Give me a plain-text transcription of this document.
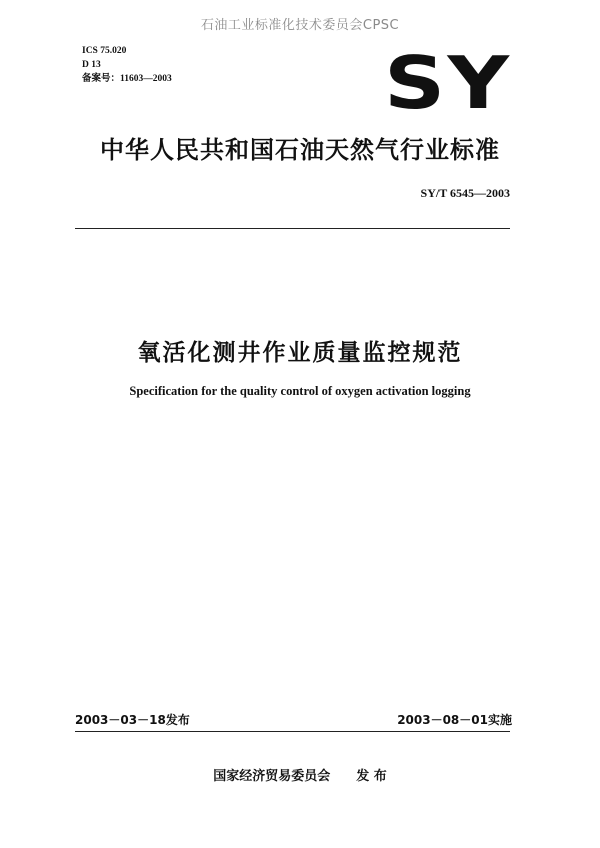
石油工业标准化技术委员会CPSC
ICS 75.020
D 13
备案号：11603—2003	SY
中华人民共和国石油天然气行业标准
SY/T 6545—2003
氧活化测井作业质量监控规范
Specification for the quality control of oxygen activation logging
2003－03－18发布	2003－08－01实施
国家经济贸易委员会 发 布
